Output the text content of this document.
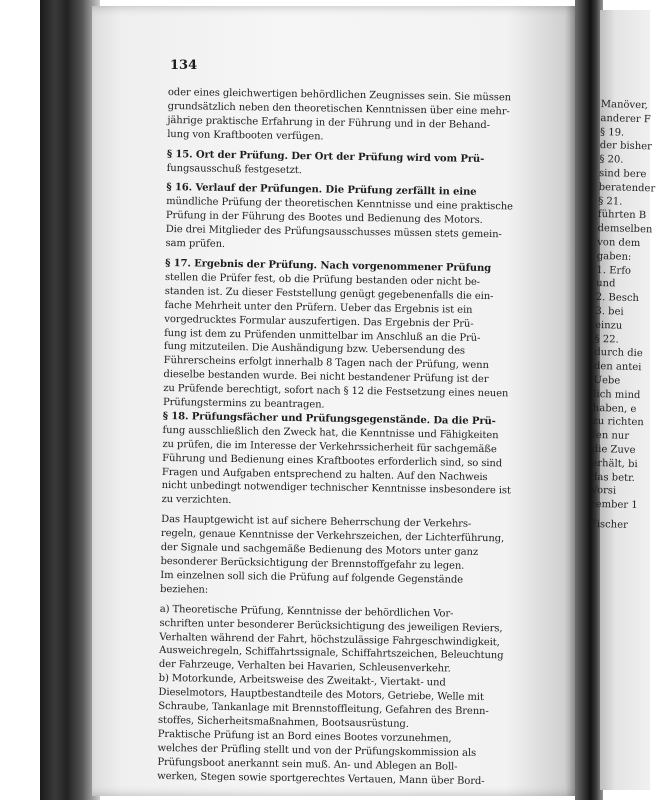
134
oder eines gleichwertigen behördlichen Zeugnisses sein. Sie müssen
grundsätzlich neben den theoretischen Kenntnissen über eine mehr-
jährige praktische Erfahrung in der Führung und in der Behand-
lung von Kraftbooten verfügen.
§ 15. Ort der Prüfung. Der Ort der Prüfung wird vom Prü-
fungsausschuß festgesetzt.
§ 16. Verlauf der Prüfungen. Die Prüfung zerfällt in eine
mündliche Prüfung der theoretischen Kenntnisse und eine praktische
Prüfung in der Führung des Bootes und Bedienung des Motors.
Die drei Mitglieder des Prüfungsausschusses müssen stets gemein-
sam prüfen.
§ 17. Ergebnis der Prüfung. Nach vorgenommener Prüfung
stellen die Prüfer fest, ob die Prüfung bestanden oder nicht be-
standen ist. Zu dieser Feststellung genügt gegebenenfalls die ein-
fache Mehrheit unter den Prüfern. Ueber das Ergebnis ist ein
vorgedrucktes Formular auszufertigen. Das Ergebnis der Prü-
fung ist dem zu Prüfenden unmittelbar im Anschluß an die Prü-
fung mitzuteilen. Die Aushändigung bzw. Uebersendung des
Führerscheins erfolgt innerhalb 8 Tagen nach der Prüfung, wenn
dieselbe bestanden wurde. Bei nicht bestandener Prüfung ist der
zu Prüfende berechtigt, sofort nach § 12 die Festsetzung eines neuen
Prüfungstermins zu beantragen.
§ 18. Prüfungsfächer und Prüfungsgegenstände. Da die Prü-
fung ausschließlich den Zweck hat, die Kenntnisse und Fähigkeiten
zu prüfen, die im Interesse der Verkehrssicherheit für sachgemäße
Führung und Bedienung eines Kraftbootes erforderlich sind, so sind
Fragen und Aufgaben entsprechend zu halten. Auf den Nachweis
nicht unbedingt notwendiger technischer Kenntnisse insbesondere ist
zu verzichten.
Das Hauptgewicht ist auf sichere Beherrschung der Verkehrs-
regeln, genaue Kenntnisse der Verkehrszeichen, der Lichterführung,
der Signale und sachgemäße Bedienung des Motors unter ganz
besonderer Berücksichtigung der Brennstoffgefahr zu legen.
Im einzelnen soll sich die Prüfung auf folgende Gegenstände
beziehen:
a) Theoretische Prüfung, Kenntnisse der behördlichen Vor-
schriften unter besonderer Berücksichtigung des jeweiligen Reviers,
Verhalten während der Fahrt, höchstzulässige Fahrgeschwindigkeit,
Ausweichregeln, Schiffahrtssignale, Schiffahrtszeichen, Beleuchtung
der Fahrzeuge, Verhalten bei Havarien, Schleusenverkehr.
b) Motorkunde, Arbeitsweise des Zweitakt-, Viertakt- und
Dieselmotors, Hauptbestandteile des Motors, Getriebe, Welle mit
Schraube, Tankanlage mit Brennstoffleitung, Gefahren des Brenn-
stoffes, Sicherheitsmaßnahmen, Bootsausrüstung.
Praktische Prüfung ist an Bord eines Bootes vorzunehmen,
welches der Prüfling stellt und von der Prüfungskommission als
Prüfungsboot anerkannt sein muß. An- und Ablegen an Boll-
werken, Stegen sowie sportgerechtes Vertauen, Mann über Bord-
Manöver,
anderer F
§ 19.
der bisher
§ 20.
sind bere
beratender
§ 21.
führten B
demselben
von dem
gaben:
1. Erfo
und
2. Besch
3. bei
einzu
§ 22.
durch die
den antei
Uebe
lich mind
haben, e
zu richten
fen nur
die Zuve
erhält, bi
das betr.
Vorsi
zember 1
Fischer
